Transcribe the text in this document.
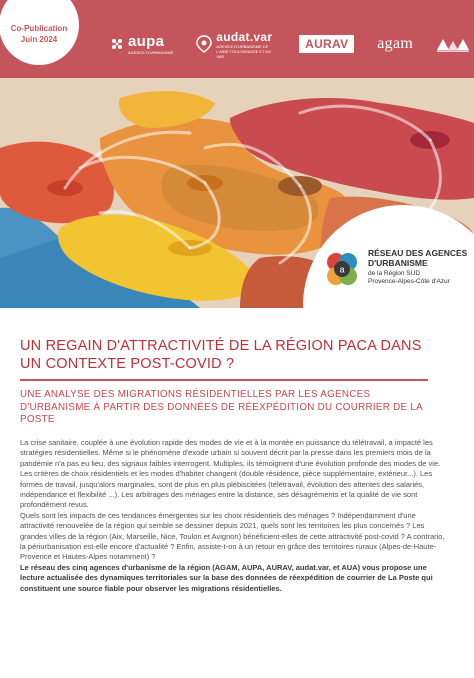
Co-Publication
Juin 2024	aupa
AGENCE D'URBANISME
audat.var
AGENCE D'URBANISME DE L'AIRE TOULONNAISE ET DU VAR
AURAV agam
a
RÉSEAU DES AGENCES
D'URBANISME
de la Région SUD
Provence-Alpes-Côte d'Azur
UN REGAIN D'ATTRACTIVITÉ DE LA RÉGION PACA DANS UN CONTEXTE POST-COVID ?
UNE ANALYSE DES MIGRATIONS RÉSIDENTIELLES PAR LES AGENCES D'URBANISME À PARTIR DES DONNÉES DE RÉEXPÉDITION DU COURRIER DE LA POSTE

La crise sanitaire, couplée à une évolution rapide des modes de vie et à la montée en puissance du télétravail, a impacté les stratégies résidentielles. Même si le phénomène d'exode urbain si souvent décrit par la presse dans les premiers mois de la pandémie n'a pas eu lieu, des signaux faibles interrogent. Multiples, ils témoignent d'une évolution profonde des modes de vie. Les critères de choix résidentiels et les modes d'habiter changent (double résidence, pièce supplémentaire, extérieur...). Les formes de travail, jusqu'alors marginales, sont de plus en plus plébiscitées (télétravail, évolution des attentes des salariés, indépendance et flexibilité ...). Les arbitrages des ménages entre la distance, ses désagréments et la qualité de vie sont profondément revus.

Quels sont les impacts de ces tendances émergentes sur les choix résidentiels des ménages ? Indépendamment d'une attractivité renouvelée de la région qui semble se dessiner depuis 2021, quels sont les territoires les plus concernés ? Les grandes villes de la région (Aix, Marseille, Nice, Toulon et Avignon) bénéficient-elles de cette attractivité post-covid ? A contrario, la périurbanisation est-elle encore d'actualité ? Enfin, assiste-t-on à un retour en grâce des territoires ruraux (Alpes-de-Haute-Provence et Hautes-Alpes notamment) ?

Le réseau des cinq agences d'urbanisme de la région (AGAM, AUPA, AURAV, audat.var, et AUA) vous propose une lecture actualisée des dynamiques territoriales sur la base des données de réexpédition de courrier de La Poste qui constituent une source fiable pour observer les migrations résidentielles.
